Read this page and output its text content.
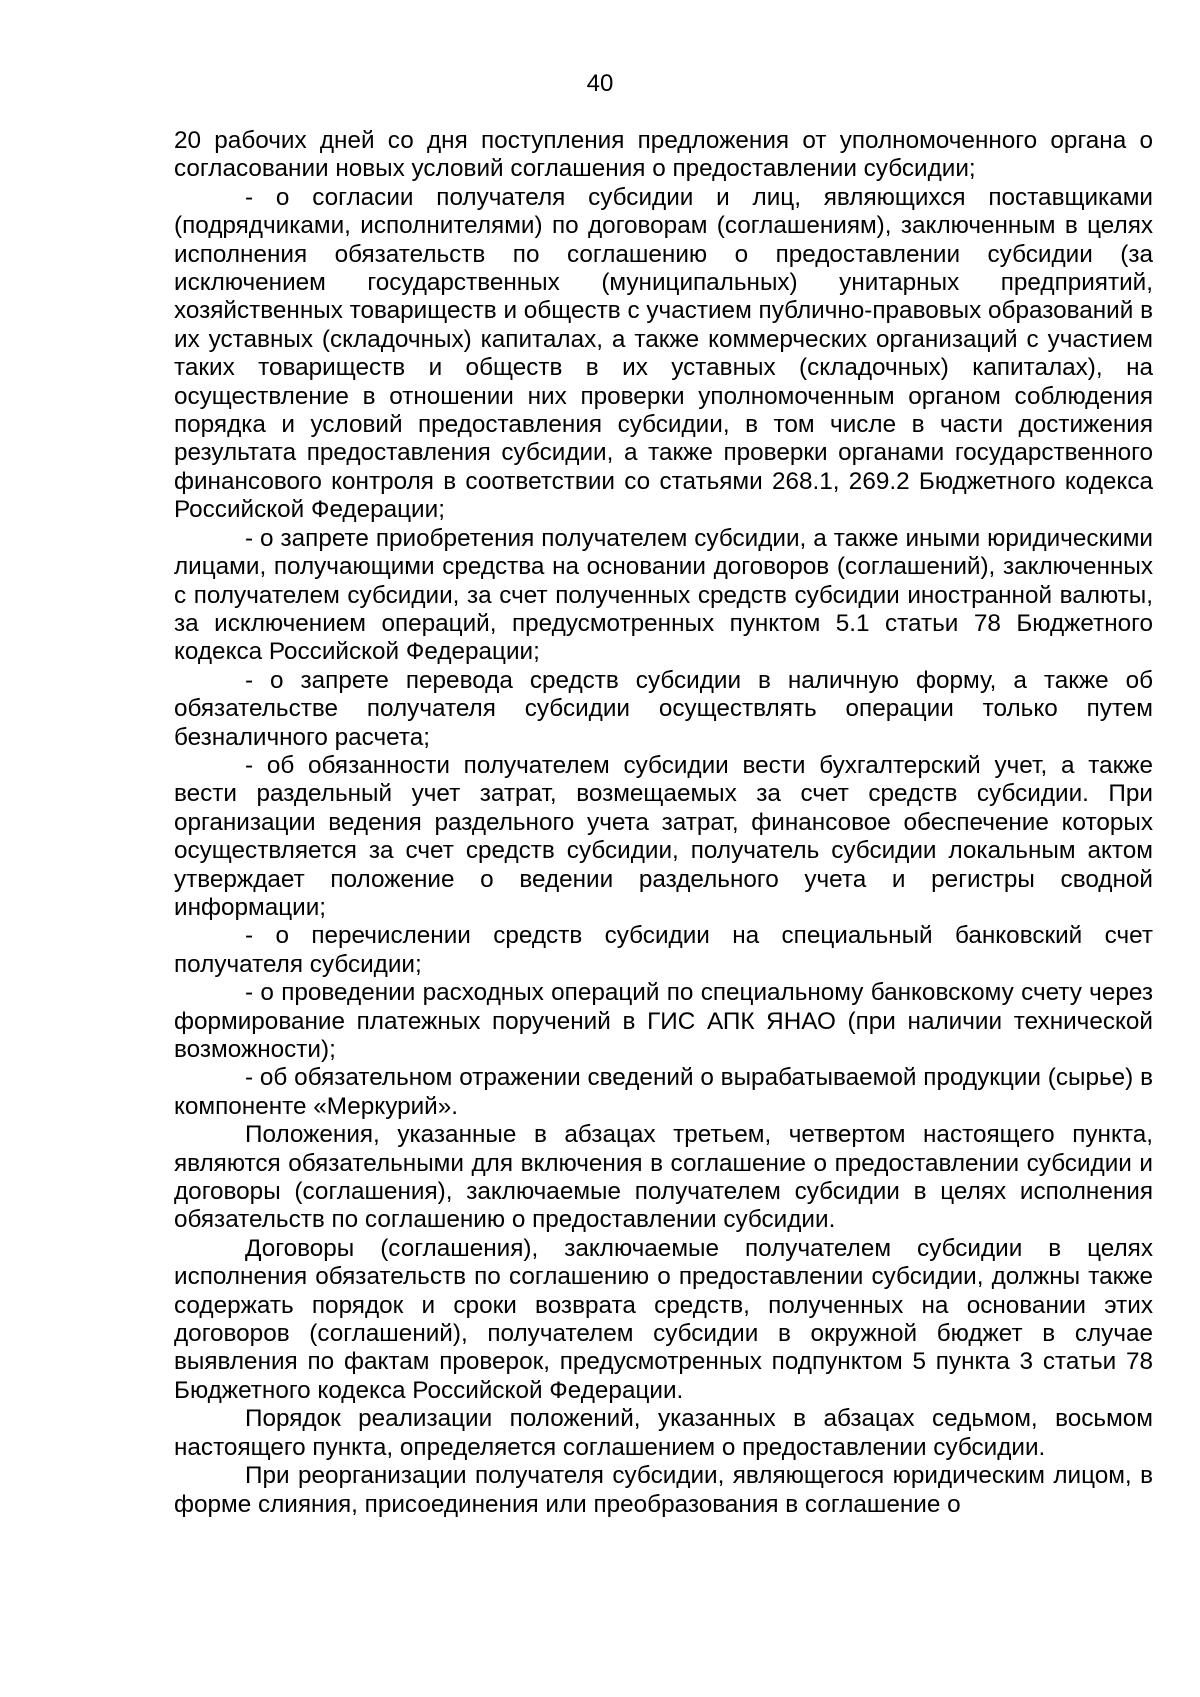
40

20 рабочих дней со дня поступления предложения от уполномоченного органа о согласовании новых условий соглашения о предоставлении субсидии;

- о согласии получателя субсидии и лиц, являющихся поставщиками (подрядчиками, исполнителями) по договорам (соглашениям), заключенным в целях исполнения обязательств по соглашению о предоставлении субсидии (за исключением государственных (муниципальных) унитарных предприятий, хозяйственных товариществ и обществ с участием публично-правовых образований в их уставных (складочных) капиталах, а также коммерческих организаций с участием таких товариществ и обществ в их уставных (складочных) капиталах), на осуществление в отношении них проверки уполномоченным органом соблюдения порядка и условий предоставления субсидии, в том числе в части достижения результата предоставления субсидии, а также проверки органами государственного финансового контроля в соответствии со статьями 268.1, 269.2 Бюджетного кодекса Российской Федерации;

- о запрете приобретения получателем субсидии, а также иными юридическими лицами, получающими средства на основании договоров (соглашений), заключенных с получателем субсидии, за счет полученных средств субсидии иностранной валюты, за исключением операций, предусмотренных пунктом 5.1 статьи 78 Бюджетного кодекса Российской Федерации;

- о запрете перевода средств субсидии в наличную форму, а также об обязательстве получателя субсидии осуществлять операции только путем безналичного расчета;

- об обязанности получателем субсидии вести бухгалтерский учет, а также вести раздельный учет затрат, возмещаемых за счет средств субсидии. При организации ведения раздельного учета затрат, финансовое обеспечение которых осуществляется за счет средств субсидии, получатель субсидии локальным актом утверждает положение о ведении раздельного учета и регистры сводной информации;

- о перечислении средств субсидии на специальный банковский счет получателя субсидии;

- о проведении расходных операций по специальному банковскому счету через формирование платежных поручений в ГИС АПК ЯНАО (при наличии технической возможности);

- об обязательном отражении сведений о вырабатываемой продукции (сырье) в компоненте «Меркурий».

Положения, указанные в абзацах третьем, четвертом настоящего пункта, являются обязательными для включения в соглашение о предоставлении субсидии и договоры (соглашения), заключаемые получателем субсидии в целях исполнения обязательств по соглашению о предоставлении субсидии.

Договоры (соглашения), заключаемые получателем субсидии в целях исполнения обязательств по соглашению о предоставлении субсидии, должны также содержать порядок и сроки возврата средств, полученных на основании этих договоров (соглашений), получателем субсидии в окружной бюджет в случае выявления по фактам проверок, предусмотренных подпунктом 5 пункта 3 статьи 78 Бюджетного кодекса Российской Федерации.

Порядок реализации положений, указанных в абзацах седьмом, восьмом настоящего пункта, определяется соглашением о предоставлении субсидии.

При реорганизации получателя субсидии, являющегося юридическим лицом, в форме слияния, присоединения или преобразования в соглашение о
